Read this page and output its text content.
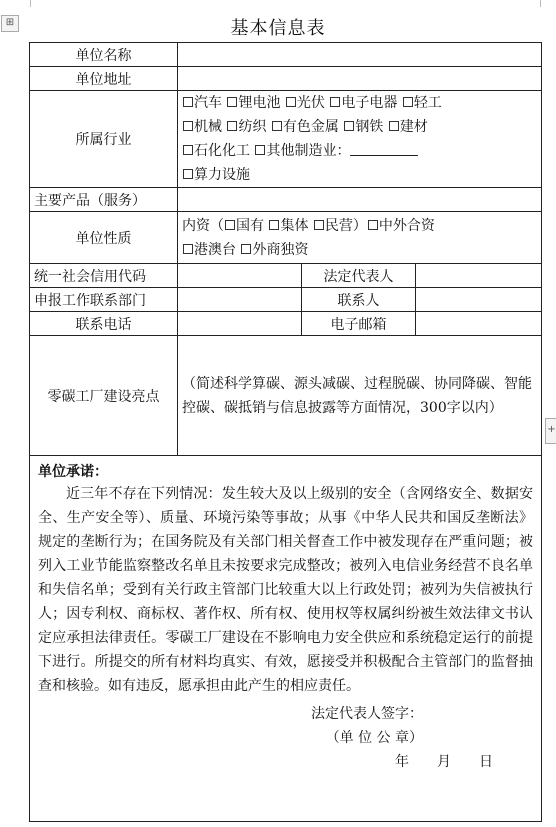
⊞
+
基本信息表
单位名称			
单位地址			
所属行业	汽车 锂电池 光伏 电子电器 轻工
机械 纺织 有色金属 钢铁 建材
石化化工 其他制造业：
算力设施		

主要产品（服务）			
单位性质	内资（ 国有 集体 民营） 中外合资
港澳台 外商独资		

统一社会信用代码		法定代表人	
申报工作联系部门		联系人	
联系电话		电子邮箱	
零碳工厂建设亮点	（简述科学算碳、源头减碳、过程脱碳、协同降碳、智能控碳、碳抵销与信息披露等方面情况，300字以内）		

单位承诺：
近三年不存在下列情况：发生较大及以上级别的安全（含网络安全、数据安全、生产安全等）、质量、环境污染等事故；从事《中华人民共和国反垄断法》规定的垄断行为；在国务院及有关部门相关督查工作中被发现存在严重问题；被列入工业节能监察整改名单且未按要求完成整改；被列入电信业务经营不良名单和失信名单；受到有关行政主管部门比较重大以上行政处罚；被列为失信被执行人；因专利权、商标权、著作权、所有权、使用权等权属纠纷被生效法律文书认定应承担法律责任。零碳工厂建设在不影响电力安全供应和系统稳定运行的前提下进行。所提交的所有材料均真实、有效，愿接受并积极配合主管部门的监督抽查和核验。如有违反，愿承担由此产生的相应责任。
法定代表人签字：
（单 位 公 章）
年　　月　　日			
